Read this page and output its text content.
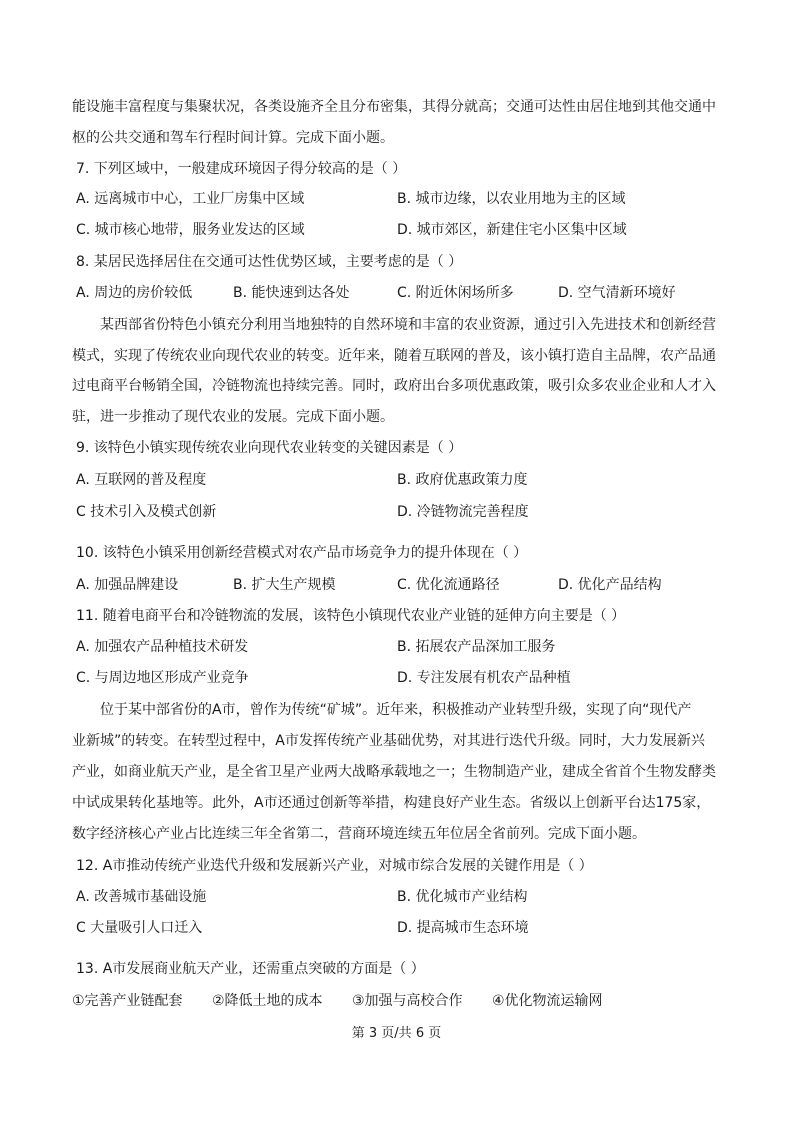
能设施丰富程度与集聚状况，各类设施齐全且分布密集，其得分就高；交通可达性由居住地到其他交通中
枢的公共交通和驾车行程时间计算。完成下面小题。
7. 下列区域中，一般建成环境因子得分较高的是（ ）
A. 远离城市中心，工业厂房集中区域	B. 城市边缘，以农业用地为主的区域
C. 城市核心地带，服务业发达的区域	D. 城市郊区，新建住宅小区集中区域
8. 某居民选择居住在交通可达性优势区域，主要考虑的是（ ）
A. 周边的房价较低	B. 能快速到达各处	C. 附近休闲场所多	D. 空气清新环境好
某西部省份特色小镇充分利用当地独特的自然环境和丰富的农业资源，通过引入先进技术和创新经营
模式，实现了传统农业向现代农业的转变。近年来，随着互联网的普及，该小镇打造自主品牌，农产品通
过电商平台畅销全国，冷链物流也持续完善。同时，政府出台多项优惠政策，吸引众多农业企业和人才入
驻，进一步推动了现代农业的发展。完成下面小题。
9. 该特色小镇实现传统农业向现代农业转变的关键因素是（ ）
A. 互联网的普及程度	B. 政府优惠政策力度
C 技术引入及模式创新	D. 冷链物流完善程度
10. 该特色小镇采用创新经营模式对农产品市场竞争力的提升体现在（ ）
A. 加强品牌建设	B. 扩大生产规模	C. 优化流通路径	D. 优化产品结构
11. 随着电商平台和冷链物流的发展，该特色小镇现代农业产业链的延伸方向主要是（ ）
A. 加强农产品种植技术研发	B. 拓展农产品深加工服务
C. 与周边地区形成产业竞争	D. 专注发展有机农产品种植
位于某中部省份的A市，曾作为传统“矿城”。近年来，积极推动产业转型升级，实现了向“现代产
业新城”的转变。在转型过程中，A市发挥传统产业基础优势，对其进行迭代升级。同时，大力发展新兴
产业，如商业航天产业，是全省卫星产业两大战略承载地之一；生物制造产业，建成全省首个生物发酵类
中试成果转化基地等。此外，A市还通过创新等举措，构建良好产业生态。省级以上创新平台达175家，
数字经济核心产业占比连续三年全省第二，营商环境连续五年位居全省前列。完成下面小题。
12. A市推动传统产业迭代升级和发展新兴产业，对城市综合发展的关键作用是（ ）
A. 改善城市基础设施	B. 优化城市产业结构
C 大量吸引人口迁入	D. 提高城市生态环境
13. A市发展商业航天产业，还需重点突破的方面是（ ）
①完善产业链配套 ②降低土地的成本 ③加强与高校合作 ④优化物流运输网
第 3 页/共 6 页
